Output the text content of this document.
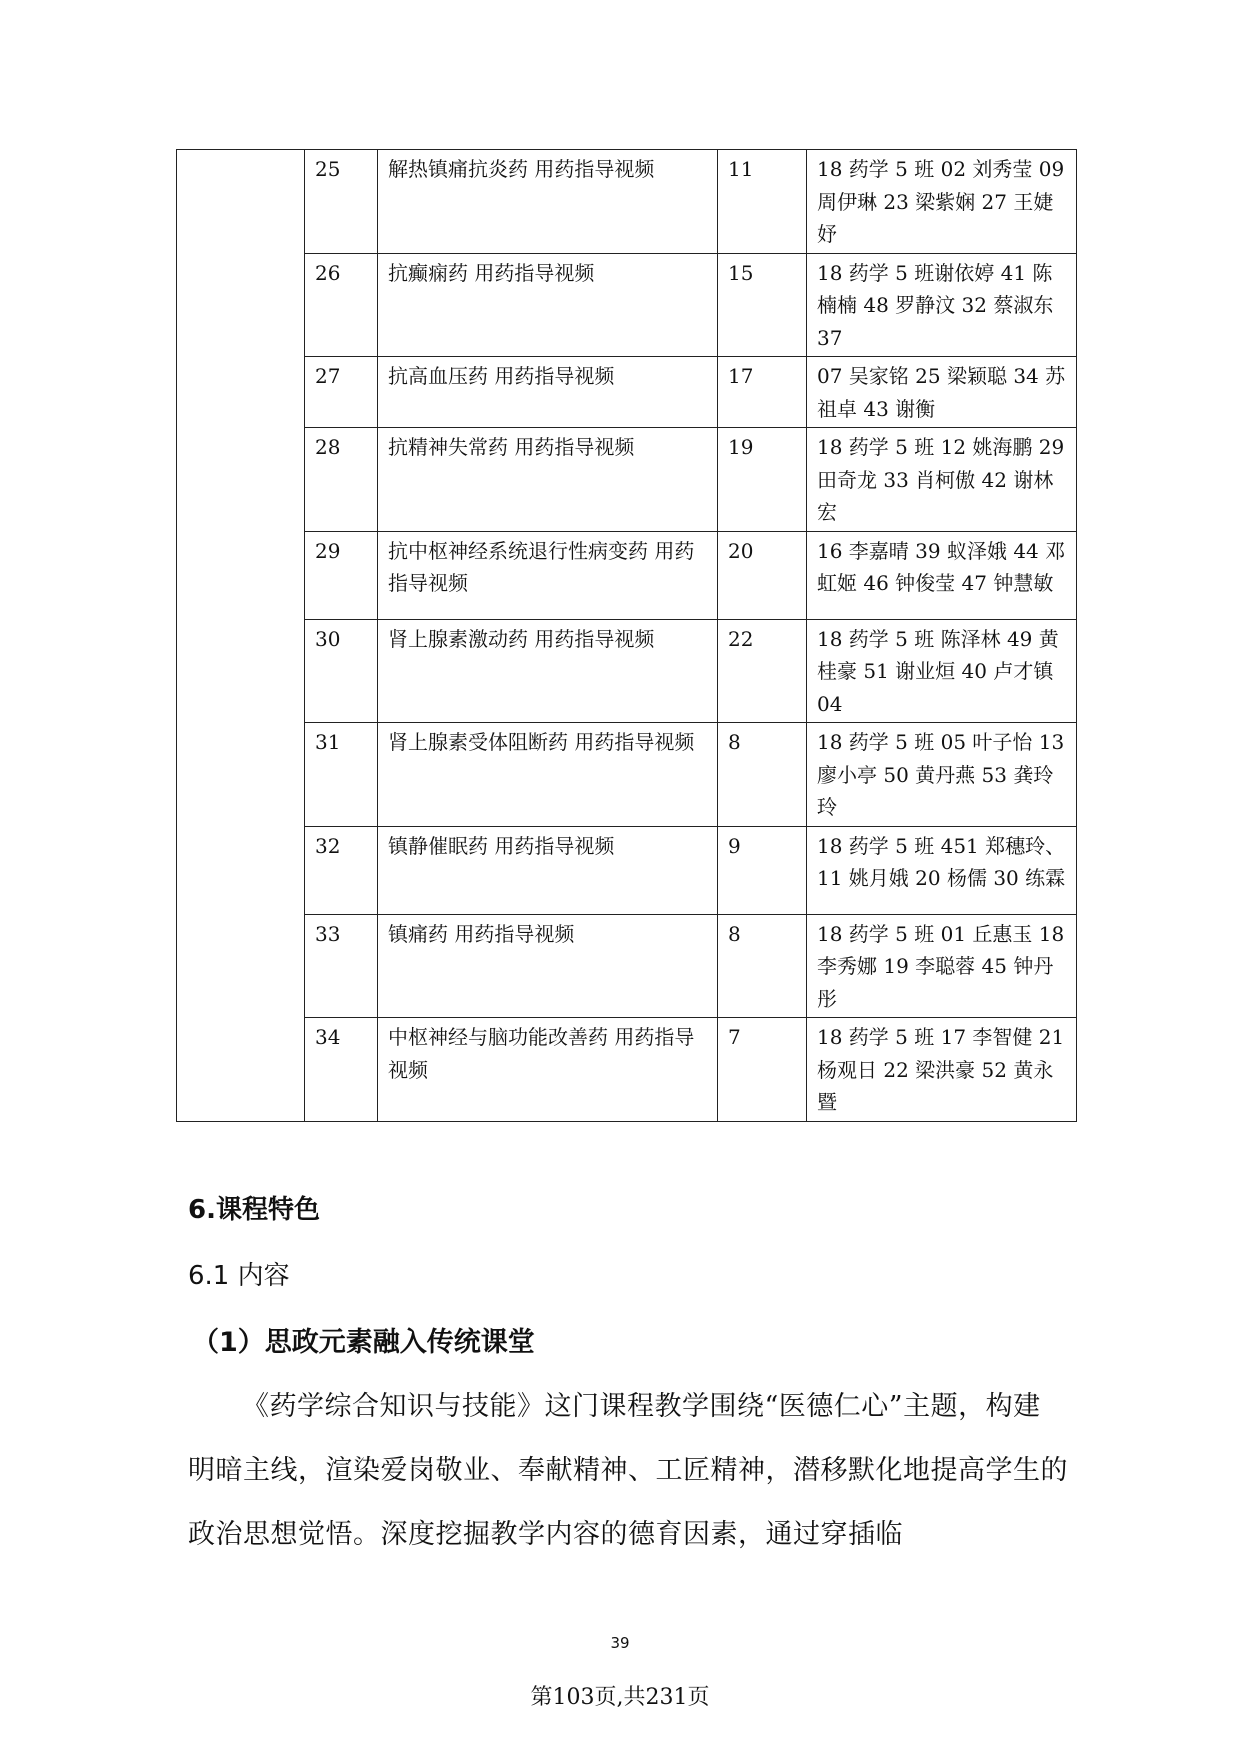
	25	解热镇痛抗炎药 用药指导视频	11	18 药学 5 班 02 刘秀莹 09 周伊琳 23 梁紫娴 27 王婕妤
	26	抗癫痫药 用药指导视频	15	18 药学 5 班谢依婷 41 陈楠楠 48 罗静汶 32 蔡淑东 37
	27	抗高血压药 用药指导视频	17	07 吴家铭 25 梁颖聪 34 苏祖卓 43 谢衡
	28	抗精神失常药 用药指导视频	19	18 药学 5 班 12 姚海鹏 29 田奇龙 33 肖柯傲 42 谢林宏
	29	抗中枢神经系统退行性病变药 用药指导视频	20	16 李嘉晴 39 蚁泽娥 44 邓虹姬 46 钟俊莹 47 钟慧敏
	30	肾上腺素激动药 用药指导视频	22	18 药学 5 班 陈泽林 49 黄桂豪 51 谢业烜 40 卢才镇 04
	31	肾上腺素受体阻断药 用药指导视频	8	18 药学 5 班 05 叶子怡 13 廖小亭 50 黄丹燕 53 龚玲玲
	32	镇静催眠药 用药指导视频	9	18 药学 5 班 451 郑穗玲、11 姚月娥 20 杨儒 30 练霖
	33	镇痛药 用药指导视频	8	18 药学 5 班 01 丘惠玉 18 李秀娜 19 李聪蓉 45 钟丹彤
	34	中枢神经与脑功能改善药 用药指导视频	7	18 药学 5 班 17 李智健 21 杨观日 22 梁洪豪 52 黄永暨
6.课程特色
6.1 内容
（1）思政元素融入传统课堂

《药学综合知识与技能》这门课程教学围绕“医德仁心”主题，构建明暗主线，渲染爱岗敬业、奉献精神、工匠精神，潜移默化地提高学生的政治思想觉悟。深度挖掘教学内容的德育因素，通过穿插临

39
第103页,共231页
